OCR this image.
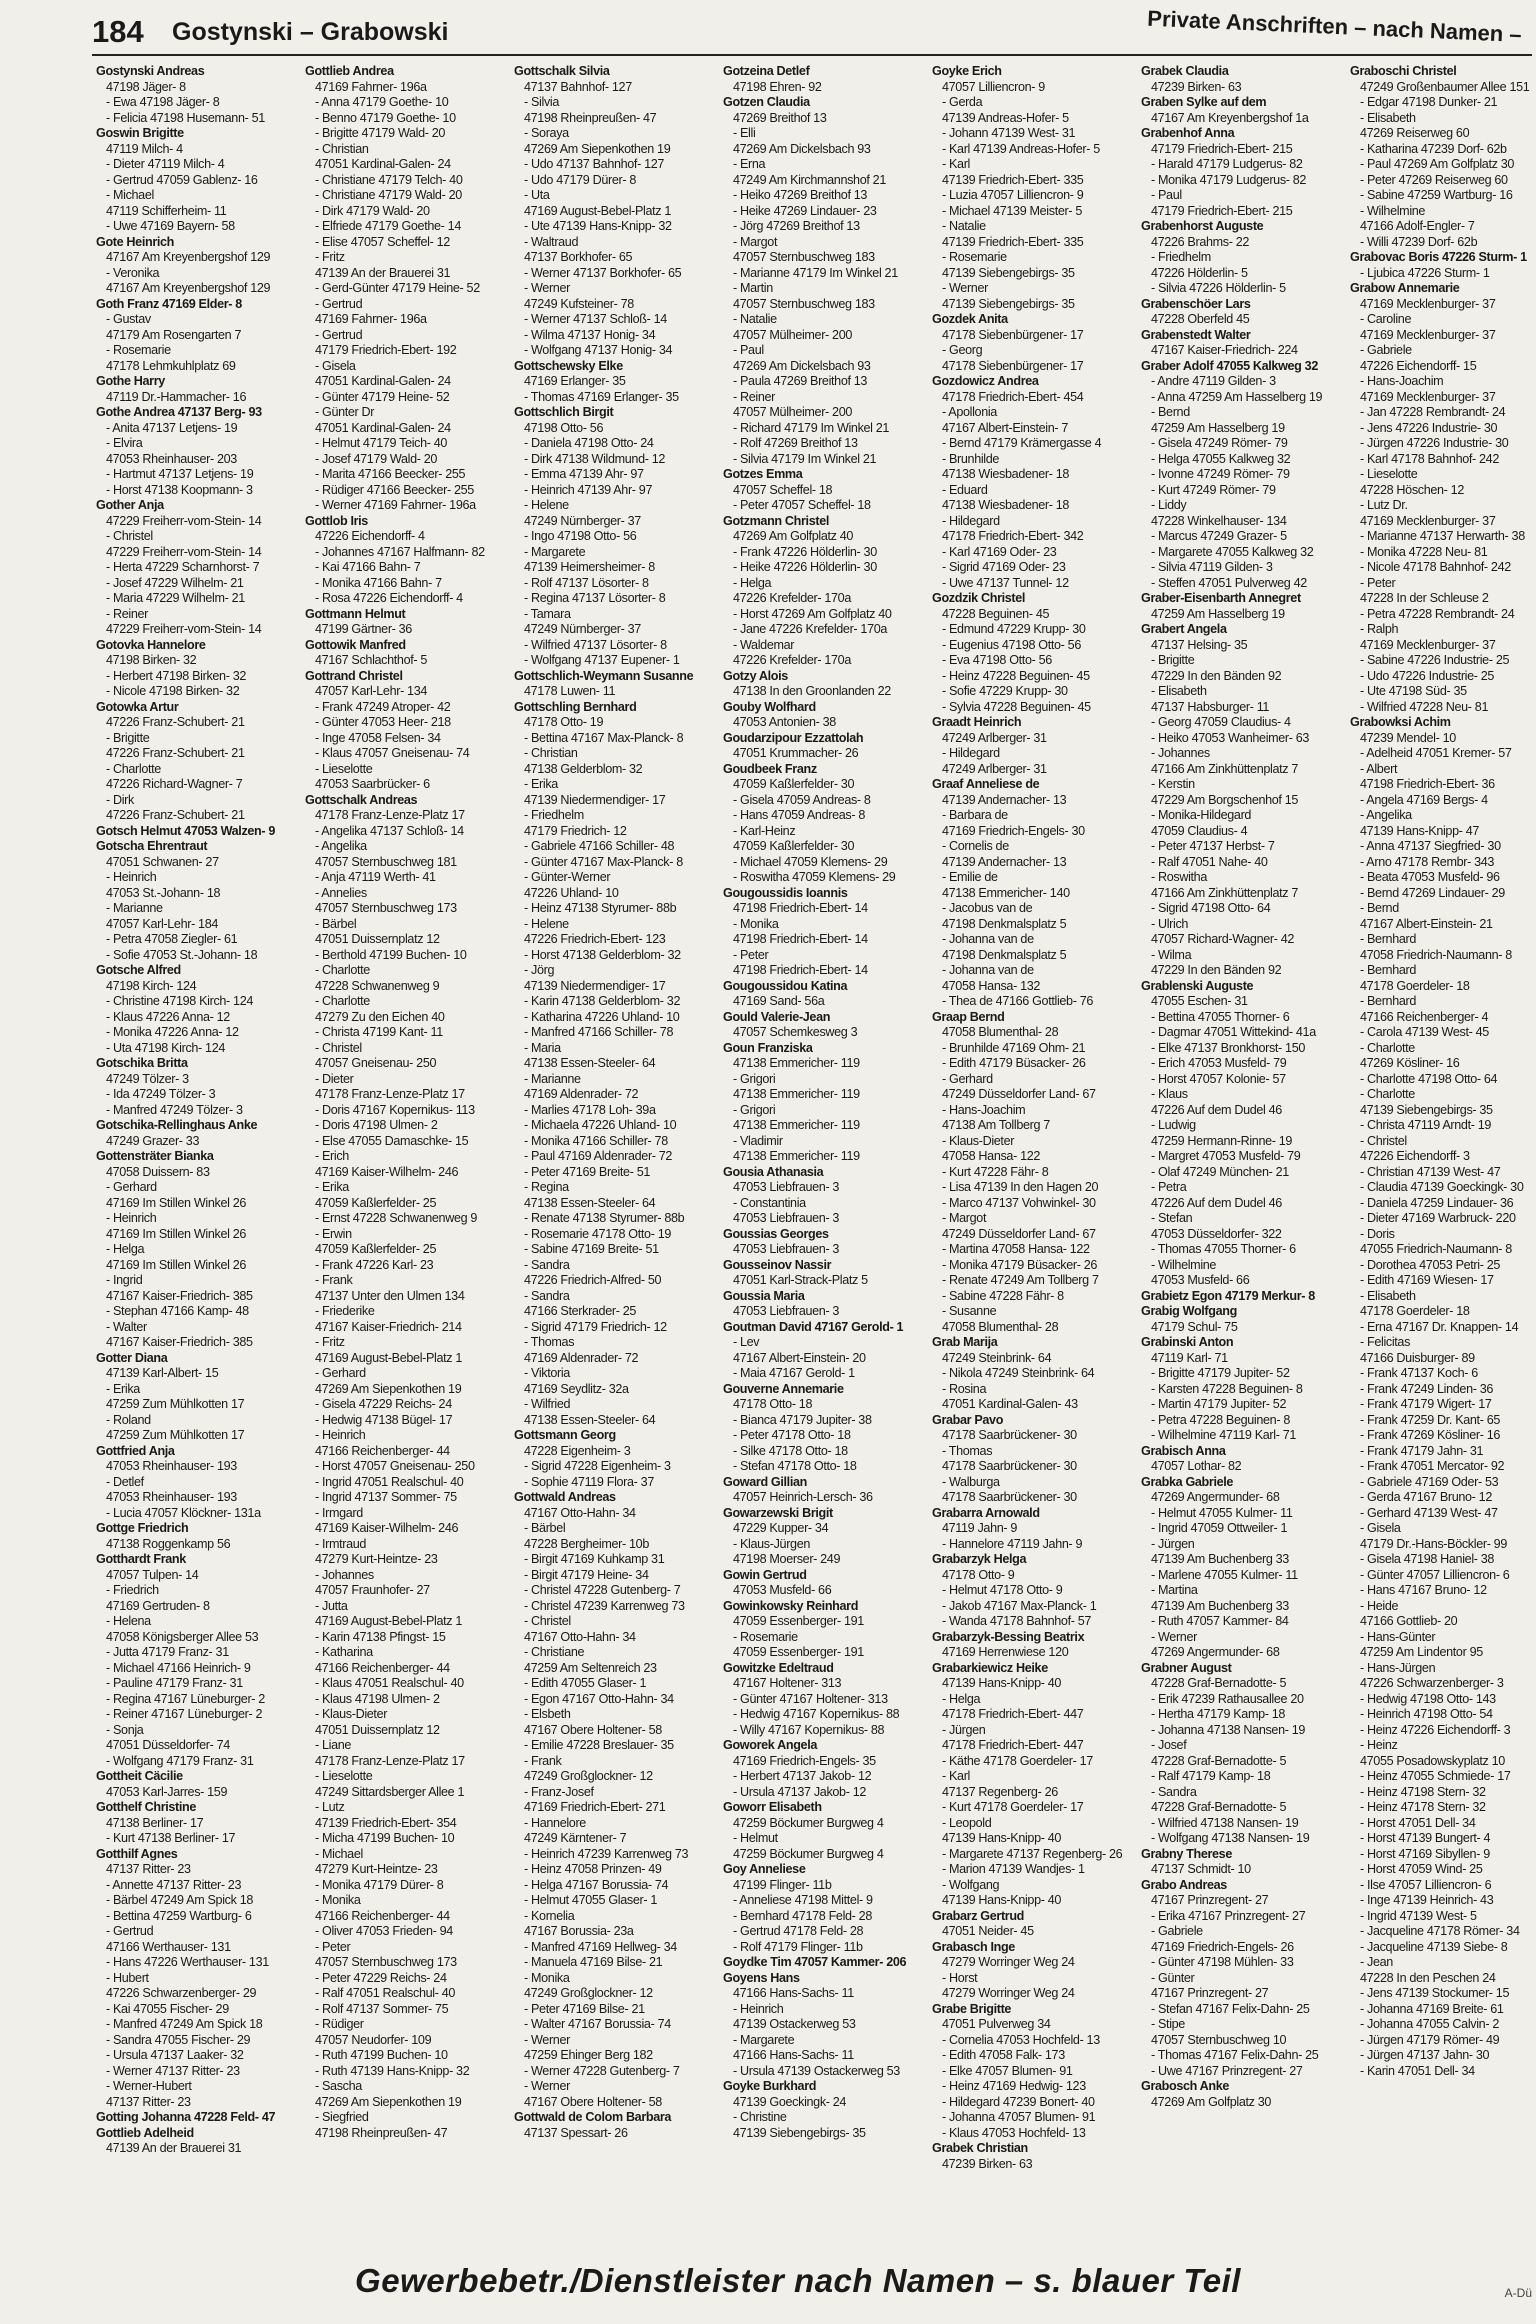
184 Gostynski – Grabowski	Private Anschriften – nach Namen –
Gostynski Andreas
47198 Jäger- 8
- Ewa 47198 Jäger- 8
- Felicia 47198 Husemann- 51
Goswin Brigitte
47119 Milch- 4
- Dieter 47119 Milch- 4
- Gertrud 47059 Gablenz- 16
- Michael
47119 Schifferheim- 11
- Uwe 47169 Bayern- 58
Gote Heinrich
47167 Am Kreyenbergshof 129
- Veronika
47167 Am Kreyenbergshof 129
Goth Franz 47169 Elder- 8
- Gustav
47179 Am Rosengarten 7
- Rosemarie
47178 Lehmkuhlplatz 69
Gothe Harry
47119 Dr.-Hammacher- 16
Gothe Andrea 47137 Berg- 93
- Anita 47137 Letjens- 19
- Elvira
47053 Rheinhauser- 203
- Hartmut 47137 Letjens- 19
- Horst 47138 Koopmann- 3
Gother Anja
47229 Freiherr-vom-Stein- 14
- Christel
47229 Freiherr-vom-Stein- 14
- Herta 47229 Scharnhorst- 7
- Josef 47229 Wilhelm- 21
- Maria 47229 Wilhelm- 21
- Reiner
47229 Freiherr-vom-Stein- 14
Gotovka Hannelore
47198 Birken- 32
- Herbert 47198 Birken- 32
- Nicole 47198 Birken- 32
Gotowka Artur
47226 Franz-Schubert- 21
- Brigitte
47226 Franz-Schubert- 21
- Charlotte
47226 Richard-Wagner- 7
- Dirk
47226 Franz-Schubert- 21
Gotsch Helmut 47053 Walzen- 9
Gotscha Ehrentraut
47051 Schwanen- 27
- Heinrich
47053 St.-Johann- 18
- Marianne
47057 Karl-Lehr- 184
- Petra 47058 Ziegler- 61
- Sofie 47053 St.-Johann- 18
Gotsche Alfred
47198 Kirch- 124
- Christine 47198 Kirch- 124
- Klaus 47226 Anna- 12
- Monika 47226 Anna- 12
- Uta 47198 Kirch- 124
Gotschika Britta
47249 Tölzer- 3
- Ida 47249 Tölzer- 3
- Manfred 47249 Tölzer- 3
Gotschika-Rellinghaus Anke
47249 Grazer- 33
Gottensträter Bianka
47058 Duissern- 83
- Gerhard
47169 Im Stillen Winkel 26
- Heinrich
47169 Im Stillen Winkel 26
- Helga
47169 Im Stillen Winkel 26
- Ingrid
47167 Kaiser-Friedrich- 385
- Stephan 47166 Kamp- 48
- Walter
47167 Kaiser-Friedrich- 385
Gotter Diana
47139 Karl-Albert- 15
- Erika
47259 Zum Mühlkotten 17
- Roland
47259 Zum Mühlkotten 17
Gottfried Anja
47053 Rheinhauser- 193
- Detlef
47053 Rheinhauser- 193
- Lucia 47057 Klöckner- 131a
Gottge Friedrich
47138 Roggenkamp 56
Gotthardt Frank
47057 Tulpen- 14
- Friedrich
47169 Gertruden- 8
- Helena
47058 Königsberger Allee 53
- Jutta 47179 Franz- 31
- Michael 47166 Heinrich- 9
- Pauline 47179 Franz- 31
- Regina 47167 Lüneburger- 2
- Reiner 47167 Lüneburger- 2
- Sonja
47051 Düsseldorfer- 74
- Wolfgang 47179 Franz- 31
Gottheit Cäcilie
47053 Karl-Jarres- 159
Gotthelf Christine
47138 Berliner- 17
- Kurt 47138 Berliner- 17
Gotthilf Agnes
47137 Ritter- 23
- Annette 47137 Ritter- 23
- Bärbel 47249 Am Spick 18
- Bettina 47259 Wartburg- 6
- Gertrud
47166 Werthauser- 131
- Hans 47226 Werthauser- 131
- Hubert
47226 Schwarzenberger- 29
- Kai 47055 Fischer- 29
- Manfred 47249 Am Spick 18
- Sandra 47055 Fischer- 29
- Ursula 47137 Laaker- 32
- Werner 47137 Ritter- 23
- Werner-Hubert
47137 Ritter- 23
Gotting Johanna 47228 Feld- 47
Gottlieb Adelheid
47139 An der Brauerei 31
Gottlieb Andrea
47169 Fahrner- 196a
- Anna 47179 Goethe- 10
- Benno 47179 Goethe- 10
- Brigitte 47179 Wald- 20
- Christian
47051 Kardinal-Galen- 24
- Christiane 47179 Telch- 40
- Christiane 47179 Wald- 20
- Dirk 47179 Wald- 20
- Elfriede 47179 Goethe- 14
- Elise 47057 Scheffel- 12
- Fritz
47139 An der Brauerei 31
- Gerd-Günter 47179 Heine- 52
- Gertrud
47169 Fahrner- 196a
- Gertrud
47179 Friedrich-Ebert- 192
- Gisela
47051 Kardinal-Galen- 24
- Günter 47179 Heine- 52
- Günter Dr
47051 Kardinal-Galen- 24
- Helmut 47179 Teich- 40
- Josef 47179 Wald- 20
- Marita 47166 Beecker- 255
- Rüdiger 47166 Beecker- 255
- Werner 47169 Fahrner- 196a
Gottlob Iris
47226 Eichendorff- 4
- Johannes 47167 Halfmann- 82
- Kai 47166 Bahn- 7
- Monika 47166 Bahn- 7
- Rosa 47226 Eichendorff- 4
Gottmann Helmut
47199 Gärtner- 36
Gottowik Manfred
47167 Schlachthof- 5
Gottrand Christel
47057 Karl-Lehr- 134
- Frank 47249 Atroper- 42
- Günter 47053 Heer- 218
- Inge 47058 Felsen- 34
- Klaus 47057 Gneisenau- 74
- Lieselotte
47053 Saarbrücker- 6
Gottschalk Andreas
47178 Franz-Lenze-Platz 17
- Angelika 47137 Schloß- 14
- Angelika
47057 Sternbuschweg 181
- Anja 47119 Werth- 41
- Annelies
47057 Sternbuschweg 173
- Bärbel
47051 Duissernplatz 12
- Berthold 47199 Buchen- 10
- Charlotte
47228 Schwanenweg 9
- Charlotte
47279 Zu den Eichen 40
- Christa 47199 Kant- 11
- Christel
47057 Gneisenau- 250
- Dieter
47178 Franz-Lenze-Platz 17
- Doris 47167 Kopernikus- 113
- Doris 47198 Ulmen- 2
- Else 47055 Damaschke- 15
- Erich
47169 Kaiser-Wilhelm- 246
- Erika
47059 Kaßlerfelder- 25
- Ernst 47228 Schwanenweg 9
- Erwin
47059 Kaßlerfelder- 25
- Frank 47226 Karl- 23
- Frank
47137 Unter den Ulmen 134
- Friederike
47167 Kaiser-Friedrich- 214
- Fritz
47169 August-Bebel-Platz 1
- Gerhard
47269 Am Siepenkothen 19
- Gisela 47229 Reichs- 24
- Hedwig 47138 Bügel- 17
- Heinrich
47166 Reichenberger- 44
- Horst 47057 Gneisenau- 250
- Ingrid 47051 Realschul- 40
- Ingrid 47137 Sommer- 75
- Irmgard
47169 Kaiser-Wilhelm- 246
- Irmtraud
47279 Kurt-Heintze- 23
- Johannes
47057 Fraunhofer- 27
- Jutta
47169 August-Bebel-Platz 1
- Karin 47138 Pfingst- 15
- Katharina
47166 Reichenberger- 44
- Klaus 47051 Realschul- 40
- Klaus 47198 Ulmen- 2
- Klaus-Dieter
47051 Duissernplatz 12
- Liane
47178 Franz-Lenze-Platz 17
- Lieselotte
47249 Sittardsberger Allee 1
- Lutz
47139 Friedrich-Ebert- 354
- Micha 47199 Buchen- 10
- Michael
47279 Kurt-Heintze- 23
- Monika 47179 Dürer- 8
- Monika
47166 Reichenberger- 44
- Oliver 47053 Frieden- 94
- Peter
47057 Sternbuschweg 173
- Peter 47229 Reichs- 24
- Ralf 47051 Realschul- 40
- Rolf 47137 Sommer- 75
- Rüdiger
47057 Neudorfer- 109
- Ruth 47199 Buchen- 10
- Ruth 47139 Hans-Knipp- 32
- Sascha
47269 Am Siepenkothen 19
- Siegfried
47198 Rheinpreußen- 47
Gottschalk Silvia
47137 Bahnhof- 127
- Silvia
47198 Rheinpreußen- 47
- Soraya
47269 Am Siepenkothen 19
- Udo 47137 Bahnhof- 127
- Udo 47179 Dürer- 8
- Uta
47169 August-Bebel-Platz 1
- Ute 47139 Hans-Knipp- 32
- Waltraud
47137 Borkhofer- 65
- Werner 47137 Borkhofer- 65
- Werner
47249 Kufsteiner- 78
- Werner 47137 Schloß- 14
- Wilma 47137 Honig- 34
- Wolfgang 47137 Honig- 34
Gottschewsky Elke
47169 Erlanger- 35
- Thomas 47169 Erlanger- 35
Gottschlich Birgit
47198 Otto- 56
- Daniela 47198 Otto- 24
- Dirk 47138 Wildmund- 12
- Emma 47139 Ahr- 97
- Heinrich 47139 Ahr- 97
- Helene
47249 Nürnberger- 37
- Ingo 47198 Otto- 56
- Margarete
47139 Heimersheimer- 8
- Rolf 47137 Lösorter- 8
- Regina 47137 Lösorter- 8
- Tamara
47249 Nürnberger- 37
- Wilfried 47137 Lösorter- 8
- Wolfgang 47137 Eupener- 1
Gottschlich-Weymann Susanne
47178 Luwen- 11
Gottschling Bernhard
47178 Otto- 19
- Bettina 47167 Max-Planck- 8
- Christian
47138 Gelderblom- 32
- Erika
47139 Niedermendiger- 17
- Friedhelm
47179 Friedrich- 12
- Gabriele 47166 Schiller- 48
- Günter 47167 Max-Planck- 8
- Günter-Werner
47226 Uhland- 10
- Heinz 47138 Styrumer- 88b
- Helene
47226 Friedrich-Ebert- 123
- Horst 47138 Gelderblom- 32
- Jörg
47139 Niedermendiger- 17
- Karin 47138 Gelderblom- 32
- Katharina 47226 Uhland- 10
- Manfred 47166 Schiller- 78
- Maria
47138 Essen-Steeler- 64
- Marianne
47169 Aldenrader- 72
- Marlies 47178 Loh- 39a
- Michaela 47226 Uhland- 10
- Monika 47166 Schiller- 78
- Paul 47169 Aldenrader- 72
- Peter 47169 Breite- 51
- Regina
47138 Essen-Steeler- 64
- Renate 47138 Styrumer- 88b
- Rosemarie 47178 Otto- 19
- Sabine 47169 Breite- 51
- Sandra
47226 Friedrich-Alfred- 50
- Sandra
47166 Sterkrader- 25
- Sigrid 47179 Friedrich- 12
- Thomas
47169 Aldenrader- 72
- Viktoria
47169 Seydlitz- 32a
- Wilfried
47138 Essen-Steeler- 64
Gottsmann Georg
47228 Eigenheim- 3
- Sigrid 47228 Eigenheim- 3
- Sophie 47119 Flora- 37
Gottwald Andreas
47167 Otto-Hahn- 34
- Bärbel
47228 Bergheimer- 10b
- Birgit 47169 Kuhkamp 31
- Birgit 47179 Heine- 34
- Christel 47228 Gutenberg- 7
- Christel 47239 Karrenweg 73
- Christel
47167 Otto-Hahn- 34
- Christiane
47259 Am Seltenreich 23
- Edith 47055 Glaser- 1
- Egon 47167 Otto-Hahn- 34
- Elsbeth
47167 Obere Holtener- 58
- Emilie 47228 Breslauer- 35
- Frank
47249 Großglockner- 12
- Franz-Josef
47169 Friedrich-Ebert- 271
- Hannelore
47249 Kärntener- 7
- Heinrich 47239 Karrenweg 73
- Heinz 47058 Prinzen- 49
- Helga 47167 Borussia- 74
- Helmut 47055 Glaser- 1
- Kornelia
47167 Borussia- 23a
- Manfred 47169 Hellweg- 34
- Manuela 47169 Bilse- 21
- Monika
47249 Großglockner- 12
- Peter 47169 Bilse- 21
- Walter 47167 Borussia- 74
- Werner
47259 Ehinger Berg 182
- Werner 47228 Gutenberg- 7
- Werner
47167 Obere Holtener- 58
Gottwald de Colom Barbara
47137 Spessart- 26
Gotzeina Detlef
47198 Ehren- 92
Gotzen Claudia
47269 Breithof 13
- Elli
47269 Am Dickelsbach 93
- Erna
47249 Am Kirchmannshof 21
- Heiko 47269 Breithof 13
- Heike 47269 Lindauer- 23
- Jörg 47269 Breithof 13
- Margot
47057 Sternbuschweg 183
- Marianne 47179 Im Winkel 21
- Martin
47057 Sternbuschweg 183
- Natalie
47057 Mülheimer- 200
- Paul
47269 Am Dickelsbach 93
- Paula 47269 Breithof 13
- Reiner
47057 Mülheimer- 200
- Richard 47179 Im Winkel 21
- Rolf 47269 Breithof 13
- Silvia 47179 Im Winkel 21
Gotzes Emma
47057 Scheffel- 18
- Peter 47057 Scheffel- 18
Gotzmann Christel
47269 Am Golfplatz 40
- Frank 47226 Hölderlin- 30
- Heike 47226 Hölderlin- 30
- Helga
47226 Krefelder- 170a
- Horst 47269 Am Golfplatz 40
- Jane 47226 Krefelder- 170a
- Waldemar
47226 Krefelder- 170a
Gotzy Alois
47138 In den Groonlanden 22
Gouby Wolfhard
47053 Antonien- 38
Goudarzipour Ezzattolah
47051 Krummacher- 26
Goudbeek Franz
47059 Kaßlerfelder- 30
- Gisela 47059 Andreas- 8
- Hans 47059 Andreas- 8
- Karl-Heinz
47059 Kaßlerfelder- 30
- Michael 47059 Klemens- 29
- Roswitha 47059 Klemens- 29
Gougoussidis Ioannis
47198 Friedrich-Ebert- 14
- Monika
47198 Friedrich-Ebert- 14
- Peter
47198 Friedrich-Ebert- 14
Gougoussidou Katina
47169 Sand- 56a
Gould Valerie-Jean
47057 Schemkesweg 3
Goun Franziska
47138 Emmericher- 119
- Grigori
47138 Emmericher- 119
- Grigori
47138 Emmericher- 119
- Vladimir
47138 Emmericher- 119
Gousia Athanasia
47053 Liebfrauen- 3
- Constantinia
47053 Liebfrauen- 3
Goussias Georges
47053 Liebfrauen- 3
Gousseinov Nassir
47051 Karl-Strack-Platz 5
Goussia Maria
47053 Liebfrauen- 3
Goutman David 47167 Gerold- 1
- Lev
47167 Albert-Einstein- 20
- Maia 47167 Gerold- 1
Gouverne Annemarie
47178 Otto- 18
- Bianca 47179 Jupiter- 38
- Peter 47178 Otto- 18
- Silke 47178 Otto- 18
- Stefan 47178 Otto- 18
Goward Gillian
47057 Heinrich-Lersch- 36
Gowarzewski Brigit
47229 Kupper- 34
- Klaus-Jürgen
47198 Moerser- 249
Gowin Gertrud
47053 Musfeld- 66
Gowinkowsky Reinhard
47059 Essenberger- 191
- Rosemarie
47059 Essenberger- 191
Gowitzke Edeltraud
47167 Holtener- 313
- Günter 47167 Holtener- 313
- Hedwig 47167 Kopernikus- 88
- Willy 47167 Kopernikus- 88
Goworek Angela
47169 Friedrich-Engels- 35
- Herbert 47137 Jakob- 12
- Ursula 47137 Jakob- 12
Goworr Elisabeth
47259 Böckumer Burgweg 4
- Helmut
47259 Böckumer Burgweg 4
Goy Anneliese
47199 Flinger- 11b
- Anneliese 47198 Mittel- 9
- Bernhard 47178 Feld- 28
- Gertrud 47178 Feld- 28
- Rolf 47179 Flinger- 11b
Goydke Tim 47057 Kammer- 206
Goyens Hans
47166 Hans-Sachs- 11
- Heinrich
47139 Ostackerweg 53
- Margarete
47166 Hans-Sachs- 11
- Ursula 47139 Ostackerweg 53
Goyke Burkhard
47139 Goeckingk- 24
- Christine
47139 Siebengebirgs- 35
Goyke Erich
47057 Lilliencron- 9
- Gerda
47139 Andreas-Hofer- 5
- Johann 47139 West- 31
- Karl 47139 Andreas-Hofer- 5
- Karl
47139 Friedrich-Ebert- 335
- Luzia 47057 Lilliencron- 9
- Michael 47139 Meister- 5
- Natalie
47139 Friedrich-Ebert- 335
- Rosemarie
47139 Siebengebirgs- 35
- Werner
47139 Siebengebirgs- 35
Gozdek Anita
47178 Siebenbürgener- 17
- Georg
47178 Siebenbürgener- 17
Gozdowicz Andrea
47178 Friedrich-Ebert- 454
- Apollonia
47167 Albert-Einstein- 7
- Bernd 47179 Krämergasse 4
- Brunhilde
47138 Wiesbadener- 18
- Eduard
47138 Wiesbadener- 18
- Hildegard
47178 Friedrich-Ebert- 342
- Karl 47169 Oder- 23
- Sigrid 47169 Oder- 23
- Uwe 47137 Tunnel- 12
Gozdzik Christel
47228 Beguinen- 45
- Edmund 47229 Krupp- 30
- Eugenius 47198 Otto- 56
- Eva 47198 Otto- 56
- Heinz 47228 Beguinen- 45
- Sofie 47229 Krupp- 30
- Sylvia 47228 Beguinen- 45
Graadt Heinrich
47249 Arlberger- 31
- Hildegard
47249 Arlberger- 31
Graaf Anneliese de
47139 Andernacher- 13
- Barbara de
47169 Friedrich-Engels- 30
- Cornelis de
47139 Andernacher- 13
- Emilie de
47138 Emmericher- 140
- Jacobus van de
47198 Denkmalsplatz 5
- Johanna van de
47198 Denkmalsplatz 5
- Johanna van de
47058 Hansa- 132
- Thea de 47166 Gottlieb- 76
Graap Bernd
47058 Blumenthal- 28
- Brunhilde 47169 Ohm- 21
- Edith 47179 Büsacker- 26
- Gerhard
47249 Düsseldorfer Land- 67
- Hans-Joachim
47138 Am Tollberg 7
- Klaus-Dieter
47058 Hansa- 122
- Kurt 47228 Fähr- 8
- Lisa 47139 In den Hagen 20
- Marco 47137 Vohwinkel- 30
- Margot
47249 Düsseldorfer Land- 67
- Martina 47058 Hansa- 122
- Monika 47179 Büsacker- 26
- Renate 47249 Am Tollberg 7
- Sabine 47228 Fähr- 8
- Susanne
47058 Blumenthal- 28
Grab Marija
47249 Steinbrink- 64
- Nikola 47249 Steinbrink- 64
- Rosina
47051 Kardinal-Galen- 43
Grabar Pavo
47178 Saarbrückener- 30
- Thomas
47178 Saarbrückener- 30
- Walburga
47178 Saarbrückener- 30
Grabarra Arnowald
47119 Jahn- 9
- Hannelore 47119 Jahn- 9
Grabarzyk Helga
47178 Otto- 9
- Helmut 47178 Otto- 9
- Jakob 47167 Max-Planck- 1
- Wanda 47178 Bahnhof- 57
Grabarzyk-Bessing Beatrix
47169 Herrenwiese 120
Grabarkiewicz Heike
47139 Hans-Knipp- 40
- Helga
47178 Friedrich-Ebert- 447
- Jürgen
47178 Friedrich-Ebert- 447
- Käthe 47178 Goerdeler- 17
- Karl
47137 Regenberg- 26
- Kurt 47178 Goerdeler- 17
- Leopold
47139 Hans-Knipp- 40
- Margarete 47137 Regenberg- 26
- Marion 47139 Wandjes- 1
- Wolfgang
47139 Hans-Knipp- 40
Grabarz Gertrud
47051 Neider- 45
Grabasch Inge
47279 Worringer Weg 24
- Horst
47279 Worringer Weg 24
Grabe Brigitte
47051 Pulverweg 34
- Cornelia 47053 Hochfeld- 13
- Edith 47058 Falk- 173
- Elke 47057 Blumen- 91
- Heinz 47169 Hedwig- 123
- Hildegard 47239 Bonert- 40
- Johanna 47057 Blumen- 91
- Klaus 47053 Hochfeld- 13
Grabek Christian
47239 Birken- 63
Grabek Claudia
47239 Birken- 63
Graben Sylke auf dem
47167 Am Kreyenbergshof 1a
Grabenhof Anna
47179 Friedrich-Ebert- 215
- Harald 47179 Ludgerus- 82
- Monika 47179 Ludgerus- 82
- Paul
47179 Friedrich-Ebert- 215
Grabenhorst Auguste
47226 Brahms- 22
- Friedhelm
47226 Hölderlin- 5
- Silvia 47226 Hölderlin- 5
Grabenschöer Lars
47228 Oberfeld 45
Grabenstedt Walter
47167 Kaiser-Friedrich- 224
Graber Adolf 47055 Kalkweg 32
- Andre 47119 Gilden- 3
- Anna 47259 Am Hasselberg 19
- Bernd
47259 Am Hasselberg 19
- Gisela 47249 Römer- 79
- Helga 47055 Kalkweg 32
- Ivonne 47249 Römer- 79
- Kurt 47249 Römer- 79
- Liddy
47228 Winkelhauser- 134
- Marcus 47249 Grazer- 5
- Margarete 47055 Kalkweg 32
- Silvia 47119 Gilden- 3
- Steffen 47051 Pulverweg 42
Graber-Eisenbarth Annegret
47259 Am Hasselberg 19
Grabert Angela
47137 Helsing- 35
- Brigitte
47229 In den Bänden 92
- Elisabeth
47137 Habsburger- 11
- Georg 47059 Claudius- 4
- Heiko 47053 Wanheimer- 63
- Johannes
47166 Am Zinkhüttenplatz 7
- Kerstin
47229 Am Borgschenhof 15
- Monika-Hildegard
47059 Claudius- 4
- Peter 47137 Herbst- 7
- Ralf 47051 Nahe- 40
- Roswitha
47166 Am Zinkhüttenplatz 7
- Sigrid 47198 Otto- 64
- Ulrich
47057 Richard-Wagner- 42
- Wilma
47229 In den Bänden 92
Grablenski Auguste
47055 Eschen- 31
- Bettina 47055 Thorner- 6
- Dagmar 47051 Wittekind- 41a
- Elke 47137 Bronkhorst- 150
- Erich 47053 Musfeld- 79
- Horst 47057 Kolonie- 57
- Klaus
47226 Auf dem Dudel 46
- Ludwig
47259 Hermann-Rinne- 19
- Margret 47053 Musfeld- 79
- Olaf 47249 München- 21
- Petra
47226 Auf dem Dudel 46
- Stefan
47053 Düsseldorfer- 322
- Thomas 47055 Thorner- 6
- Wilhelmine
47053 Musfeld- 66
Grabietz Egon 47179 Merkur- 8
Grabig Wolfgang
47179 Schul- 75
Grabinski Anton
47119 Karl- 71
- Brigitte 47179 Jupiter- 52
- Karsten 47228 Beguinen- 8
- Martin 47179 Jupiter- 52
- Petra 47228 Beguinen- 8
- Wilhelmine 47119 Karl- 71
Grabisch Anna
47057 Lothar- 82
Grabka Gabriele
47269 Angermunder- 68
- Helmut 47055 Kulmer- 11
- Ingrid 47059 Ottweiler- 1
- Jürgen
47139 Am Buchenberg 33
- Marlene 47055 Kulmer- 11
- Martina
47139 Am Buchenberg 33
- Ruth 47057 Kammer- 84
- Werner
47269 Angermunder- 68
Grabner August
47228 Graf-Bernadotte- 5
- Erik 47239 Rathausallee 20
- Hertha 47179 Kamp- 18
- Johanna 47138 Nansen- 19
- Josef
47228 Graf-Bernadotte- 5
- Ralf 47179 Kamp- 18
- Sandra
47228 Graf-Bernadotte- 5
- Wilfried 47138 Nansen- 19
- Wolfgang 47138 Nansen- 19
Grabny Therese
47137 Schmidt- 10
Grabo Andreas
47167 Prinzregent- 27
- Erika 47167 Prinzregent- 27
- Gabriele
47169 Friedrich-Engels- 26
- Günter 47198 Mühlen- 33
- Günter
47167 Prinzregent- 27
- Stefan 47167 Felix-Dahn- 25
- Stipe
47057 Sternbuschweg 10
- Thomas 47167 Felix-Dahn- 25
- Uwe 47167 Prinzregent- 27
Grabosch Anke
47269 Am Golfplatz 30
Graboschi Christel
47249 Großenbaumer Allee 151
- Edgar 47198 Dunker- 21
- Elisabeth
47269 Reiserweg 60
- Katharina 47239 Dorf- 62b
- Paul 47269 Am Golfplatz 30
- Peter 47269 Reiserweg 60
- Sabine 47259 Wartburg- 16
- Wilhelmine
47166 Adolf-Engler- 7
- Willi 47239 Dorf- 62b
Grabovac Boris 47226 Sturm- 1
- Ljubica 47226 Sturm- 1
Grabow Annemarie
47169 Mecklenburger- 37
- Caroline
47169 Mecklenburger- 37
- Gabriele
47226 Eichendorff- 15
- Hans-Joachim
47169 Mecklenburger- 37
- Jan 47228 Rembrandt- 24
- Jens 47226 Industrie- 30
- Jürgen 47226 Industrie- 30
- Karl 47178 Bahnhof- 242
- Lieselotte
47228 Höschen- 12
- Lutz Dr.
47169 Mecklenburger- 37
- Marianne 47137 Herwarth- 38
- Monika 47228 Neu- 81
- Nicole 47178 Bahnhof- 242
- Peter
47228 In der Schleuse 2
- Petra 47228 Rembrandt- 24
- Ralph
47169 Mecklenburger- 37
- Sabine 47226 Industrie- 25
- Udo 47226 Industrie- 25
- Ute 47198 Süd- 35
- Wilfried 47228 Neu- 81
Grabowksi Achim
47239 Mendel- 10
- Adelheid 47051 Kremer- 57
- Albert
47198 Friedrich-Ebert- 36
- Angela 47169 Bergs- 4
- Angelika
47139 Hans-Knipp- 47
- Anna 47137 Siegfried- 30
- Arno 47178 Rembr- 343
- Beata 47053 Musfeld- 96
- Bernd 47269 Lindauer- 29
- Bernd
47167 Albert-Einstein- 21
- Bernhard
47058 Friedrich-Naumann- 8
- Bernhard
47178 Goerdeler- 18
- Bernhard
47166 Reichenberger- 4
- Carola 47139 West- 45
- Charlotte
47269 Kösliner- 16
- Charlotte 47198 Otto- 64
- Charlotte
47139 Siebengebirgs- 35
- Christa 47119 Arndt- 19
- Christel
47226 Eichendorff- 3
- Christian 47139 West- 47
- Claudia 47139 Goeckingk- 30
- Daniela 47259 Lindauer- 36
- Dieter 47169 Warbruck- 220
- Doris
47055 Friedrich-Naumann- 8
- Dorothea 47053 Petri- 25
- Edith 47169 Wiesen- 17
- Elisabeth
47178 Goerdeler- 18
- Erna 47167 Dr. Knappen- 14
- Felicitas
47166 Duisburger- 89
- Frank 47137 Koch- 6
- Frank 47249 Linden- 36
- Frank 47179 Wigert- 17
- Frank 47259 Dr. Kant- 65
- Frank 47269 Kösliner- 16
- Frank 47179 Jahn- 31
- Frank 47051 Mercator- 92
- Gabriele 47169 Oder- 53
- Gerda 47167 Bruno- 12
- Gerhard 47139 West- 47
- Gisela
47179 Dr.-Hans-Böckler- 99
- Gisela 47198 Haniel- 38
- Günter 47057 Lilliencron- 6
- Hans 47167 Bruno- 12
- Heide
47166 Gottlieb- 20
- Hans-Günter
47259 Am Lindentor 95
- Hans-Jürgen
47226 Schwarzenberger- 3
- Hedwig 47198 Otto- 143
- Heinrich 47198 Otto- 54
- Heinz 47226 Eichendorff- 3
- Heinz
47055 Posadowskyplatz 10
- Heinz 47055 Schmiede- 17
- Heinz 47198 Stern- 32
- Heinz 47178 Stern- 32
- Horst 47051 Dell- 34
- Horst 47139 Bungert- 4
- Horst 47169 Sibyllen- 9
- Horst 47059 Wind- 25
- Ilse 47057 Lilliencron- 6
- Inge 47139 Heinrich- 43
- Ingrid 47139 West- 5
- Jacqueline 47178 Römer- 34
- Jacqueline 47139 Siebe- 8
- Jean
47228 In den Peschen 24
- Jens 47139 Stockumer- 15
- Johanna 47169 Breite- 61
- Johanna 47055 Calvin- 2
- Jürgen 47179 Römer- 49
- Jürgen 47137 Jahn- 30
- Karin 47051 Dell- 34
Gewerbebetr./Dienstleister nach Namen – s. blauer Teil	A-Dü
